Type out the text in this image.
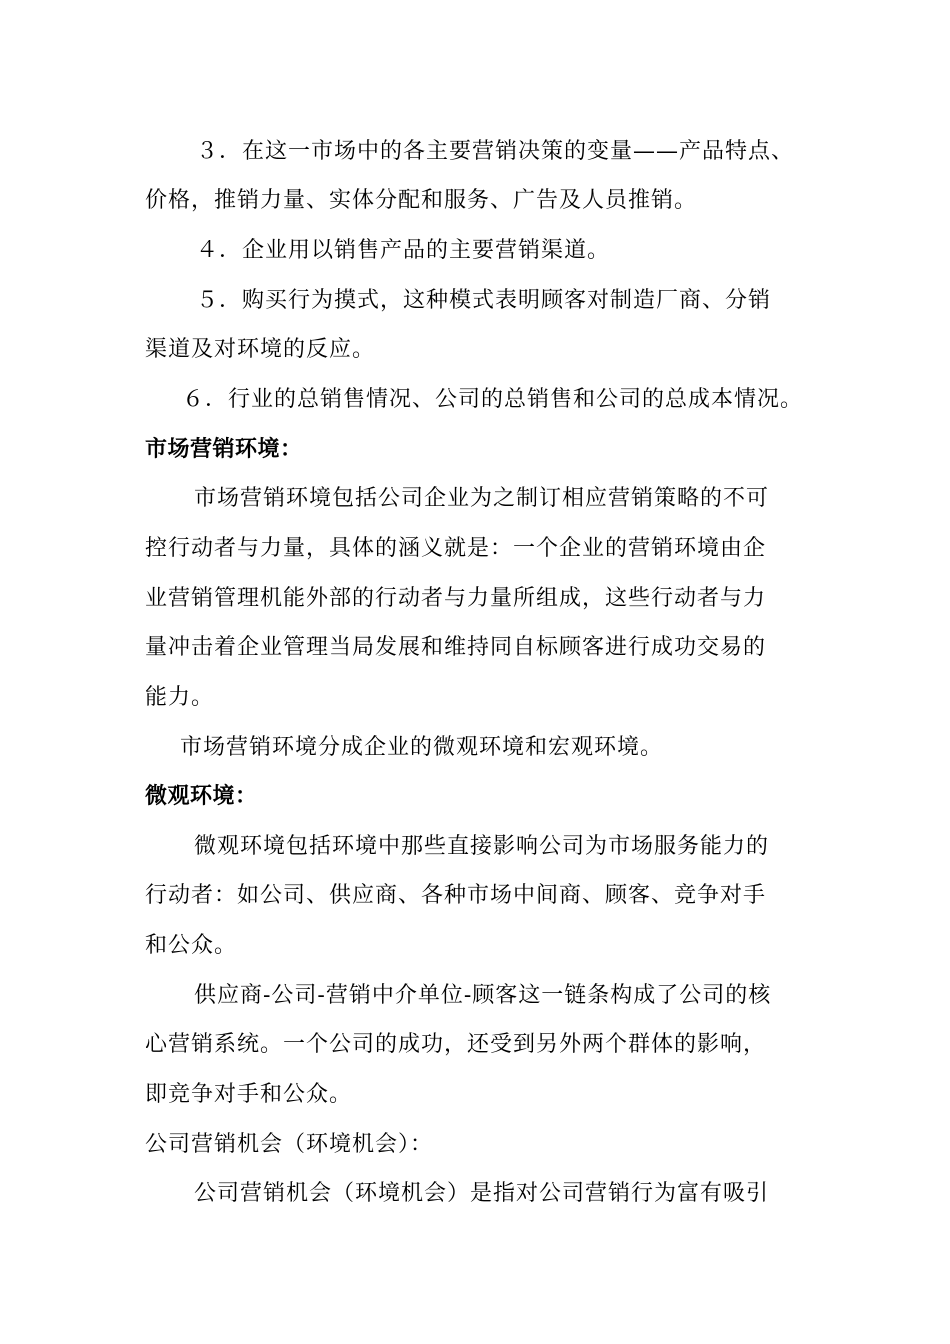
３．在这一市场中的各主要营销决策的变量——产品特点、
价格，推销力量、实体分配和服务、广告及人员推销。
４．企业用以销售产品的主要营销渠道。
５．购买行为摸式，这种模式表明顾客对制造厂商、分销
渠道及对环境的反应。
６．行业的总销售情况、公司的总销售和公司的总成本情况。
市场营销环境：
市场营销环境包括公司企业为之制订相应营销策略的不可
控行动者与力量，具体的涵义就是：一个企业的营销环境由企
业营销管理机能外部的行动者与力量所组成，这些行动者与力
量冲击着企业管理当局发展和维持同自标顾客进行成功交易的
能力。
市场营销环境分成企业的微观环境和宏观环境。
微观环境：
微观环境包括环境中那些直接影响公司为市场服务能力的
行动者：如公司、供应商、各种市场中间商、顾客、竞争对手
和公众。
供应商-公司-营销中介单位-顾客这一链条构成了公司的核
心营销系统。一个公司的成功，还受到另外两个群体的影响，
即竞争对手和公众。
公司营销机会（环境机会）：
公司营销机会（环境机会）是指对公司营销行为富有吸引
